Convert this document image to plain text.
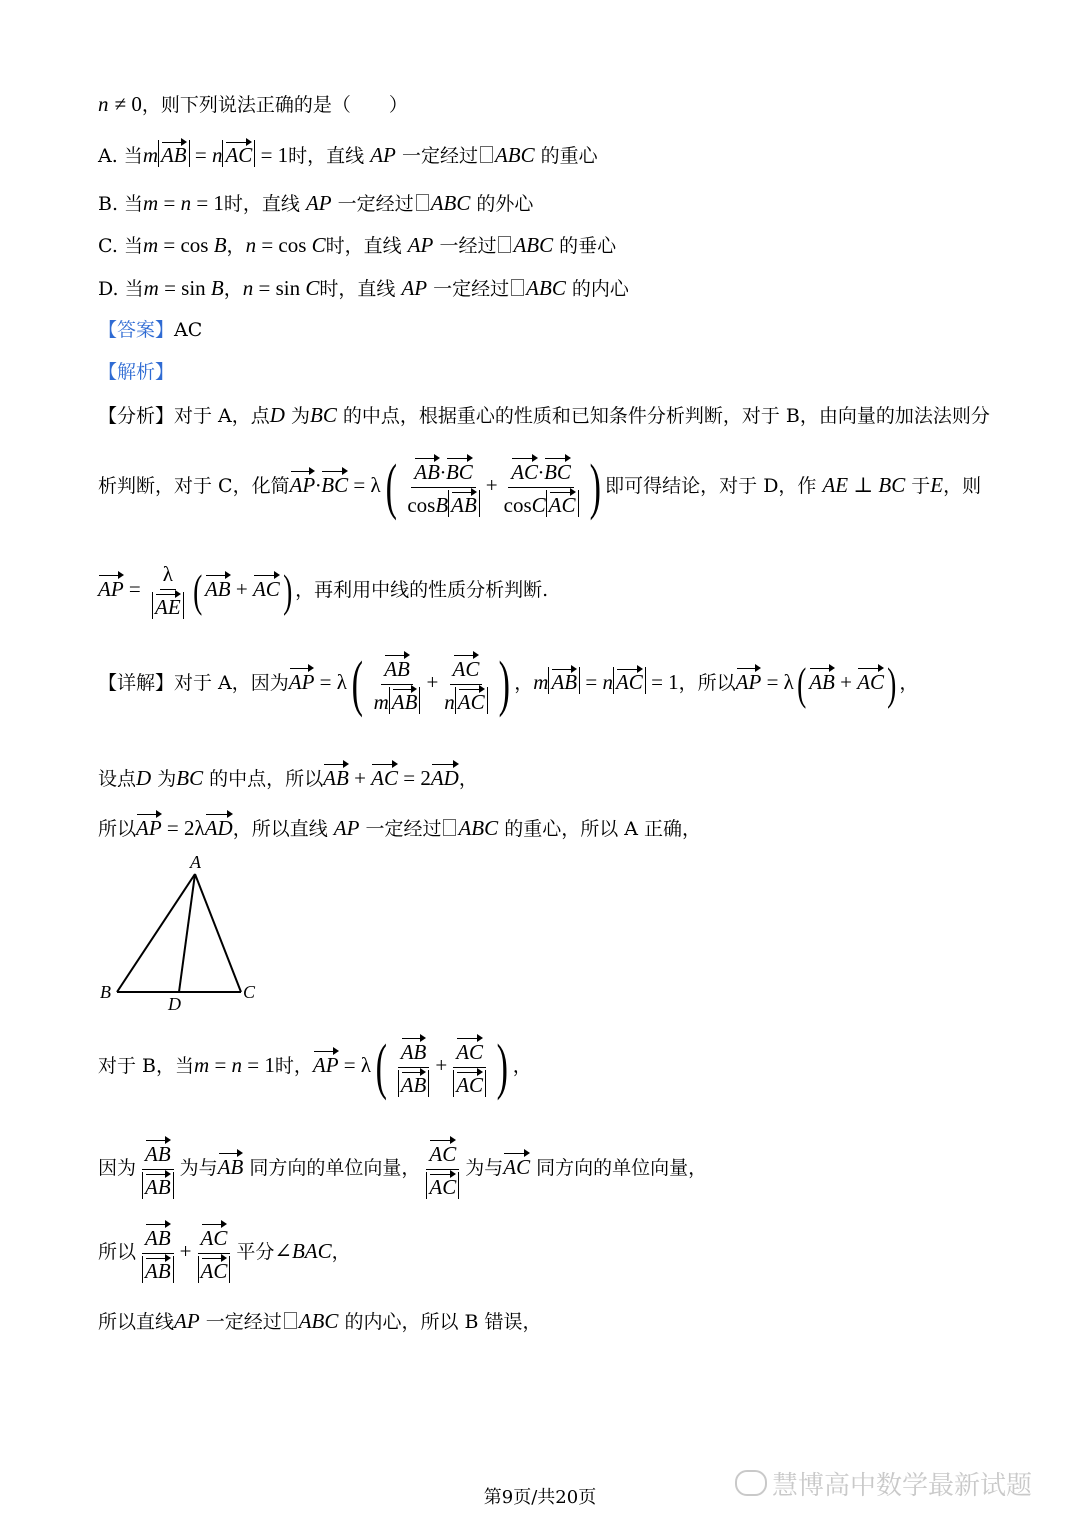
n ≠ 0，则下列说法正确的是（　　）
A. 当m AB = n AC = 1时，直线 AP 一定经过 ABC 的重心
B. 当m = n = 1时，直线 AP 一定经过 ABC 的外心
C. 当m = cos B，n = cos C时，直线 AP 一经过 ABC 的垂心
D. 当m = sin B，n = sin C时，直线 AP 一定经过 ABC 的内心
【答案】AC
【解析】
【分析】对于 A，点D 为BC 的中点，根据重心的性质和已知条件分析判断，对于 B，由向量的加法法则分
析判断，对于 C，化简$AP\cdot BC = \lambda( \frac{AB\cdot BC}{\text{cosB AB}} + \frac{AC\cdot BC}{\text{cosC AC}}$ ) 即可得结论，对于 D，作 AE ⊥ BC 于E，则
AP = $\frac{\lambda}{AE}$ ( AB + AC) ，再利用中线的性质分析判断.
【详解】对于 A，因为AP = $\lambda( \frac{AB}{\text{m AB}} + \frac{AC}{\text{n AC}}$ ) ，m AB = n AC = 1，所以AP = λ( AB + AC) ，
设点D 为BC 的中点，所以AB + AC = 2AD，
所以AP = 2λAD，所以直线 AP 一定经过 ABC 的重心，所以 A 正确，
A
B	C
D
对于 B，当m = n = 1时，AP = $\lambda( \frac{AB}{AB} + \frac{AC}{AC}$ ) ，
因为 $\frac{AB}{AB}$ 为与AB 同方向的单位向量， $\frac{AC}{AC}$ 为与AC 同方向的单位向量，
所以 $\frac{AB}{AB} + \frac{AC}{AC}$ 平分∠BAC，
所以直线AP 一定经过 ABC 的内心，所以 B 错误，
慧博高中数学最新试题
第9页/共20页
